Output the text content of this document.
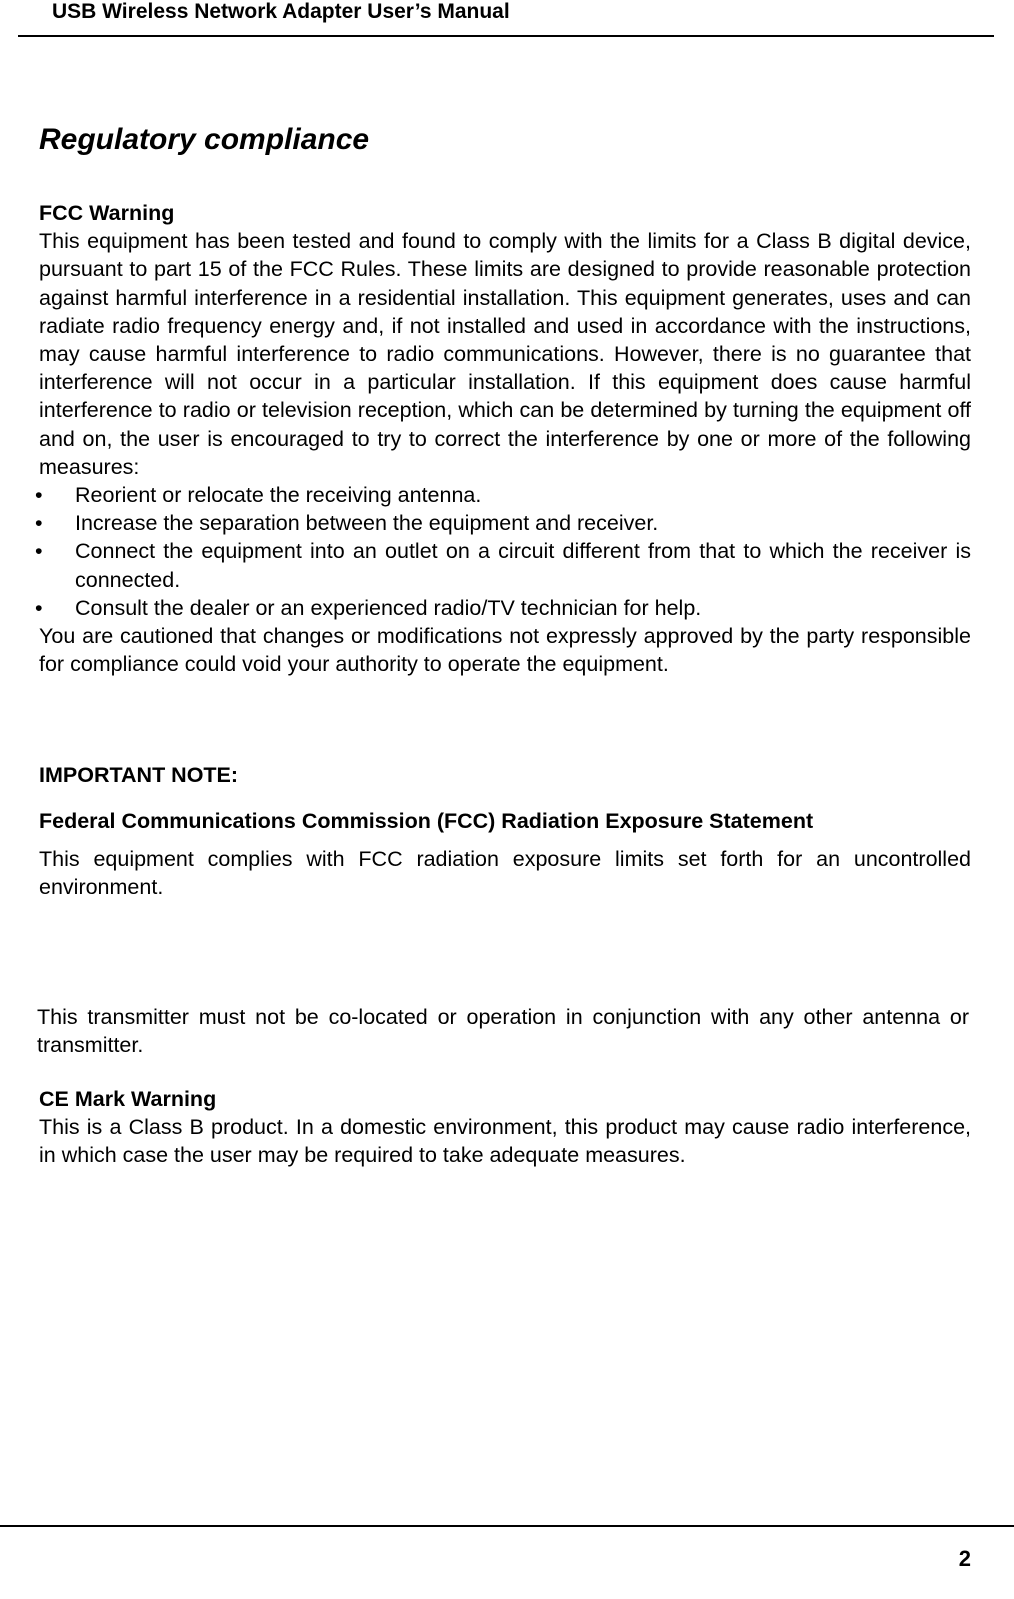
USB Wireless Network Adapter User’s Manual
Regulatory compliance
FCC Warning

This equipment has been tested and found to comply with the limits for a Class B digital device, pursuant to part 15 of the FCC Rules. These limits are designed to provide reasonable protection against harmful interference in a residential installation. This equipment generates, uses and can radiate radio frequency energy and, if not installed and used in accordance with the instructions, may cause harmful interference to radio communications. However, there is no guarantee that interference will not occur in a particular installation. If this equipment does cause harmful interference to radio or television reception, which can be determined by turning the equipment off and on, the user is encouraged to try to correct the interference by one or more of the following measures:

• Reorient or relocate the receiving antenna.
• Increase the separation between the equipment and receiver.
• Connect the equipment into an outlet on a circuit different from that to which the receiver is connected.
• Consult the dealer or an experienced radio/TV technician for help.

You are cautioned that changes or modifications not expressly approved by the party responsible for compliance could void your authority to operate the equipment.

IMPORTANT NOTE:
Federal Communications Commission (FCC) Radiation Exposure Statement

This equipment complies with FCC radiation exposure limits set forth for an uncontrolled environment.

This transmitter must not be co-located or operation in conjunction with any other antenna or transmitter.

CE Mark Warning

This is a Class B product. In a domestic environment, this product may cause radio interference, in which case the user may be required to take adequate measures.

2
